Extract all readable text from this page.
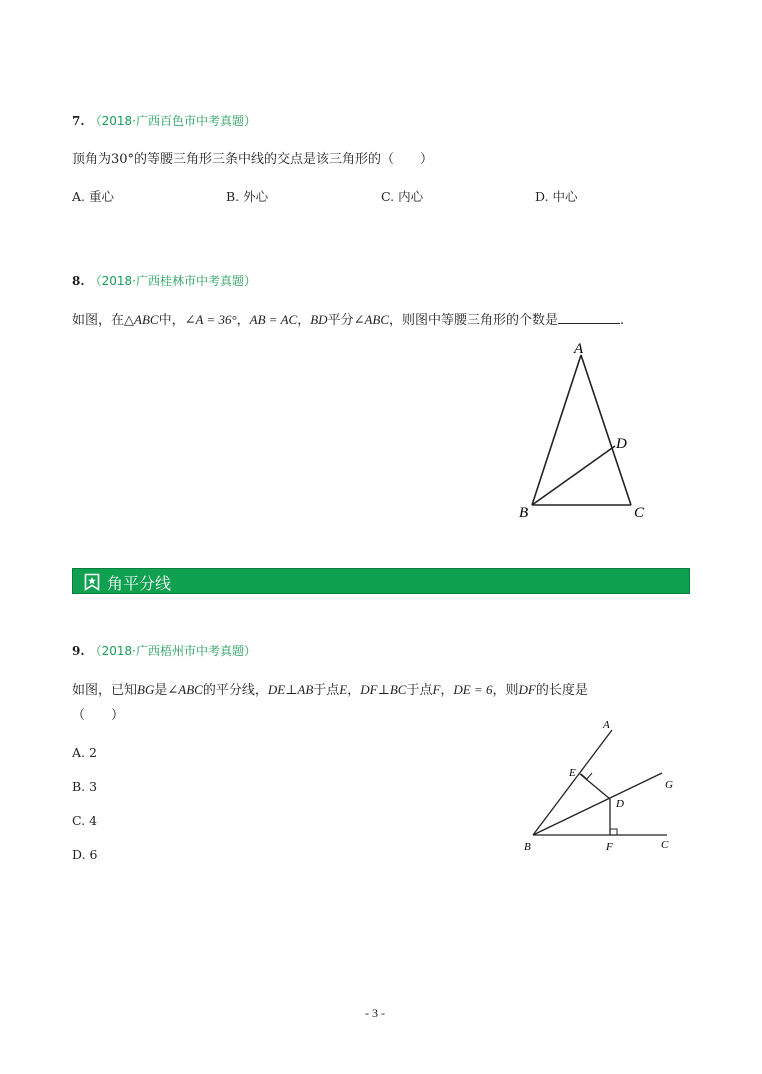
7. （2018·广西百色市中考真题）
顶角为30°的等腰三角形三条中线的交点是该三角形的（　　）
A. 重心	B. 外心	C. 内心	D. 中心
8. （2018·广西桂林市中考真题）
如图，在△ABC中，∠A = 36°，AB = AC，BD平分∠ABC，则图中等腰三角形的个数是	.
A
B	C
D
角平分线
9. （2018·广西梧州市中考真题）
如图，已知BG是∠ABC的平分线，DE⊥AB于点E，DF⊥BC于点F，DE = 6，则DF的长度是
（　　）
A. 2
B. 3
C. 4
D. 6
A
B	C
D
E
F
G
- 3 -
